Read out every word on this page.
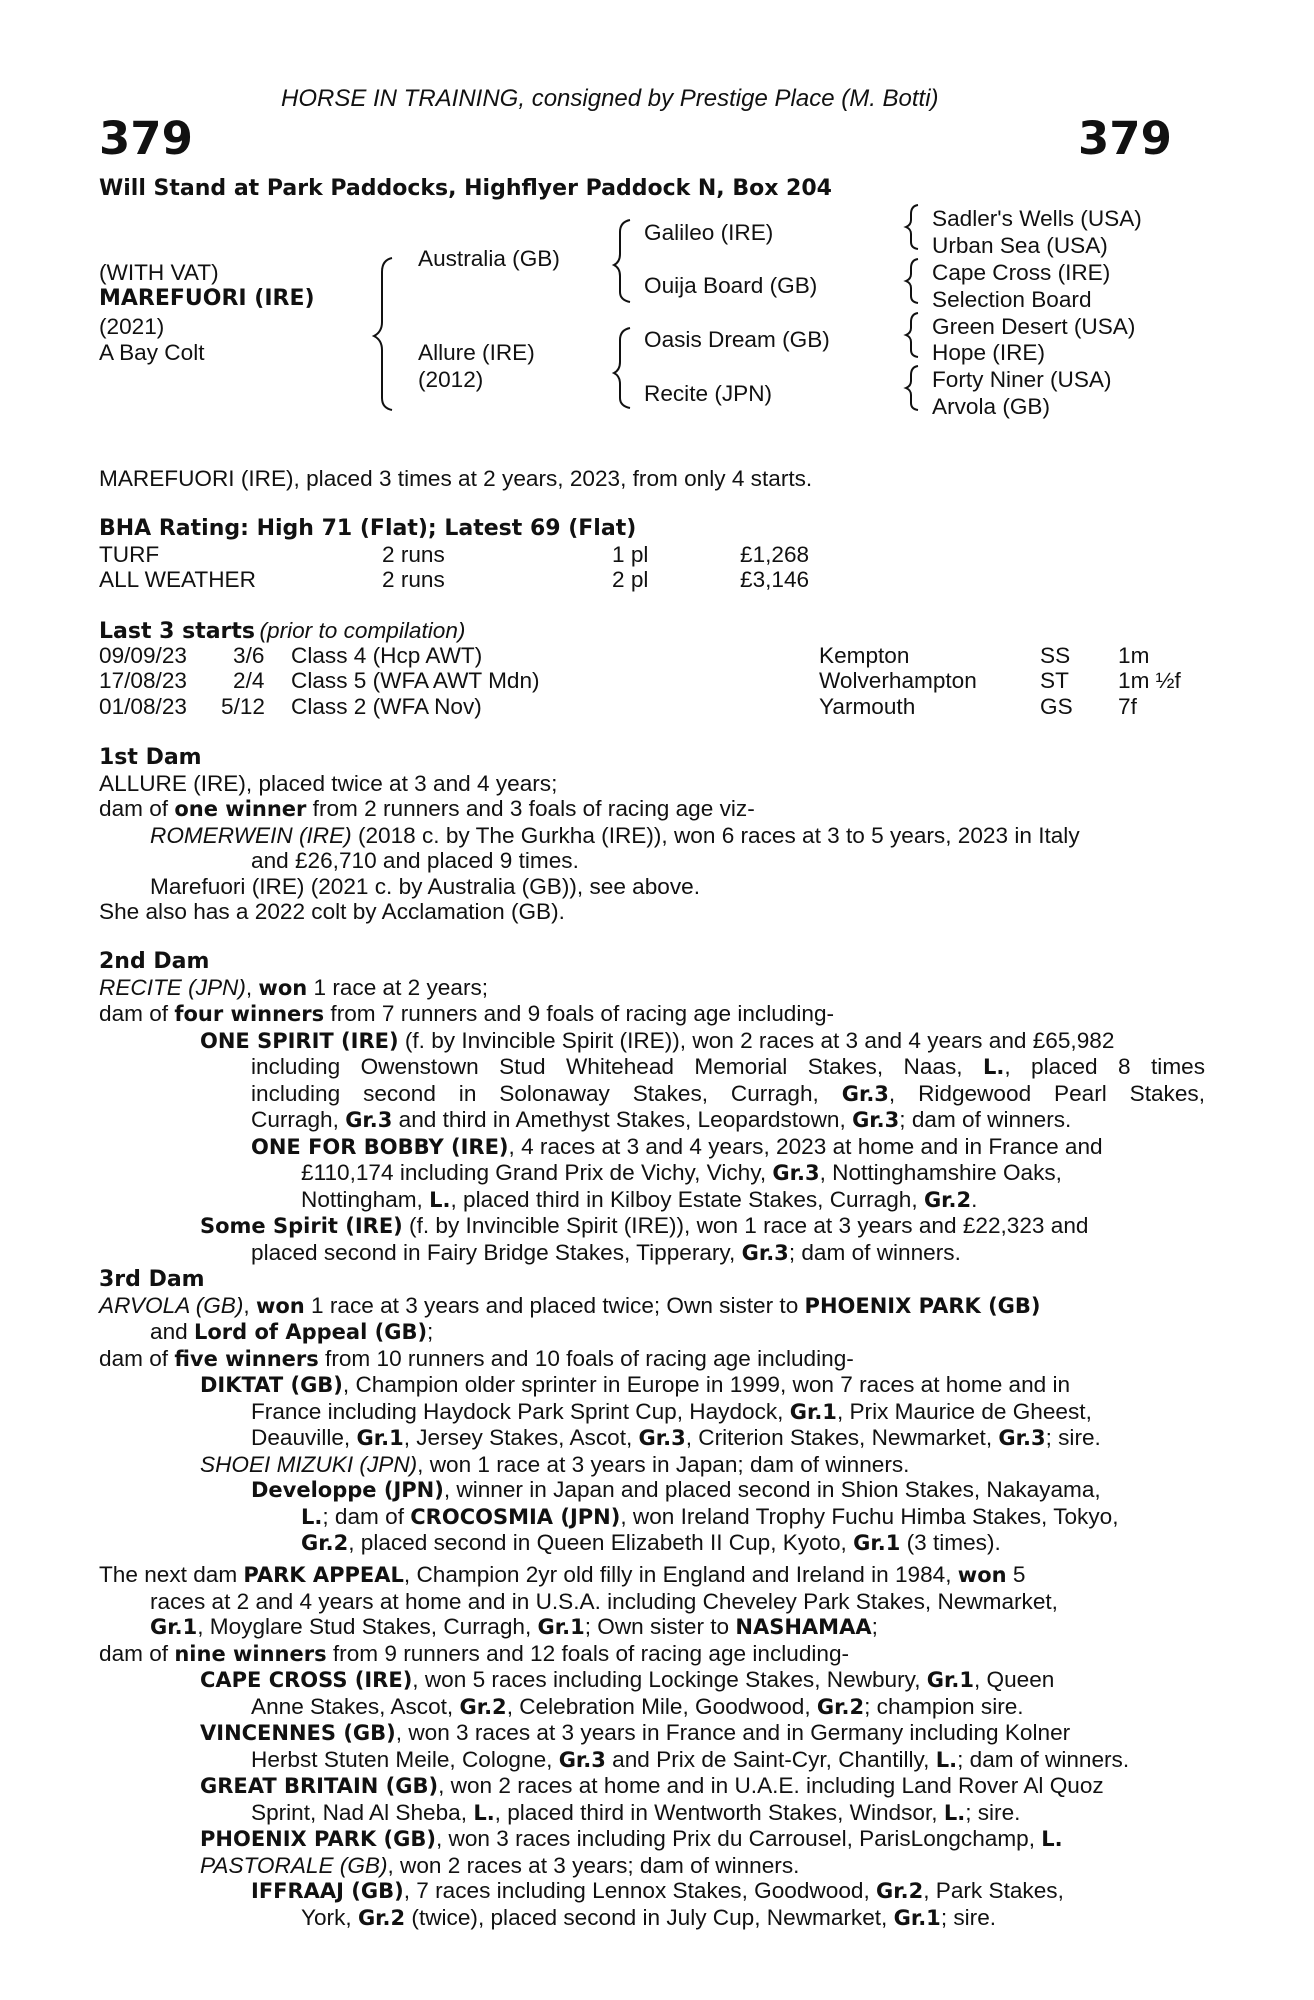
HORSE IN TRAINING, consigned by Prestige Place (M. Botti)
379	379
Will Stand at Park Paddocks, Highflyer Paddock N, Box 204
(WITH VAT)
MAREFUORI (IRE)
(2021)
A Bay Colt
Australia (GB)
Allure (IRE)
(2012)
Galileo (IRE)
Ouija Board (GB)
Oasis Dream (GB)
Recite (JPN)
Sadler's Wells (USA)
Urban Sea (USA)
Cape Cross (IRE)
Selection Board
Green Desert (USA)
Hope (IRE)
Forty Niner (USA)
Arvola (GB)
MAREFUORI (IRE), placed 3 times at 2 years, 2023, from only 4 starts.
BHA Rating: High 71 (Flat); Latest 69 (Flat)
TURF	2 runs	1 pl	£1,268
ALL WEATHER	2 runs	2 pl	£3,146
Last 3 starts (prior to compilation)
09/09/23 3/6 Class 4 (Hcp AWT)	Kempton	SS 1m
17/08/23 2/4 Class 5 (WFA AWT Mdn)	Wolverhampton	ST 1m ½f
01/08/23 5/12 Class 2 (WFA Nov)	Yarmouth	GS 7f
1st Dam
ALLURE (IRE), placed twice at 3 and 4 years;
dam of one winner from 2 runners and 3 foals of racing age viz-
ROMERWEIN (IRE) (2018 c. by The Gurkha (IRE)), won 6 races at 3 to 5 years, 2023 in Italy
and £26,710 and placed 9 times.
Marefuori (IRE) (2021 c. by Australia (GB)), see above.
She also has a 2022 colt by Acclamation (GB).
2nd Dam
RECITE (JPN), won 1 race at 2 years;
dam of four winners from 7 runners and 9 foals of racing age including-
ONE SPIRIT (IRE) (f. by Invincible Spirit (IRE)), won 2 races at 3 and 4 years and £65,982
including Owenstown Stud Whitehead Memorial Stakes, Naas, L., placed 8 times
including second in Solonaway Stakes, Curragh, Gr.3, Ridgewood Pearl Stakes,
Curragh, Gr.3 and third in Amethyst Stakes, Leopardstown, Gr.3; dam of winners.
ONE FOR BOBBY (IRE), 4 races at 3 and 4 years, 2023 at home and in France and
£110,174 including Grand Prix de Vichy, Vichy, Gr.3, Nottinghamshire Oaks,
Nottingham, L., placed third in Kilboy Estate Stakes, Curragh, Gr.2.
Some Spirit (IRE) (f. by Invincible Spirit (IRE)), won 1 race at 3 years and £22,323 and
placed second in Fairy Bridge Stakes, Tipperary, Gr.3; dam of winners.
3rd Dam
ARVOLA (GB), won 1 race at 3 years and placed twice; Own sister to PHOENIX PARK (GB)
and Lord of Appeal (GB);
dam of five winners from 10 runners and 10 foals of racing age including-
DIKTAT (GB), Champion older sprinter in Europe in 1999, won 7 races at home and in
France including Haydock Park Sprint Cup, Haydock, Gr.1, Prix Maurice de Gheest,
Deauville, Gr.1, Jersey Stakes, Ascot, Gr.3, Criterion Stakes, Newmarket, Gr.3; sire.
SHOEI MIZUKI (JPN), won 1 race at 3 years in Japan; dam of winners.
Developpe (JPN), winner in Japan and placed second in Shion Stakes, Nakayama,
L.; dam of CROCOSMIA (JPN), won Ireland Trophy Fuchu Himba Stakes, Tokyo,
Gr.2, placed second in Queen Elizabeth II Cup, Kyoto, Gr.1 (3 times).
The next dam PARK APPEAL, Champion 2yr old filly in England and Ireland in 1984, won 5
races at 2 and 4 years at home and in U.S.A. including Cheveley Park Stakes, Newmarket,
Gr.1, Moyglare Stud Stakes, Curragh, Gr.1; Own sister to NASHAMAA;
dam of nine winners from 9 runners and 12 foals of racing age including-
CAPE CROSS (IRE), won 5 races including Lockinge Stakes, Newbury, Gr.1, Queen
Anne Stakes, Ascot, Gr.2, Celebration Mile, Goodwood, Gr.2; champion sire.
VINCENNES (GB), won 3 races at 3 years in France and in Germany including Kolner
Herbst Stuten Meile, Cologne, Gr.3 and Prix de Saint-Cyr, Chantilly, L.; dam of winners.
GREAT BRITAIN (GB), won 2 races at home and in U.A.E. including Land Rover Al Quoz
Sprint, Nad Al Sheba, L., placed third in Wentworth Stakes, Windsor, L.; sire.
PHOENIX PARK (GB), won 3 races including Prix du Carrousel, ParisLongchamp, L.
PASTORALE (GB), won 2 races at 3 years; dam of winners.
IFFRAAJ (GB), 7 races including Lennox Stakes, Goodwood, Gr.2, Park Stakes,
York, Gr.2 (twice), placed second in July Cup, Newmarket, Gr.1; sire.
